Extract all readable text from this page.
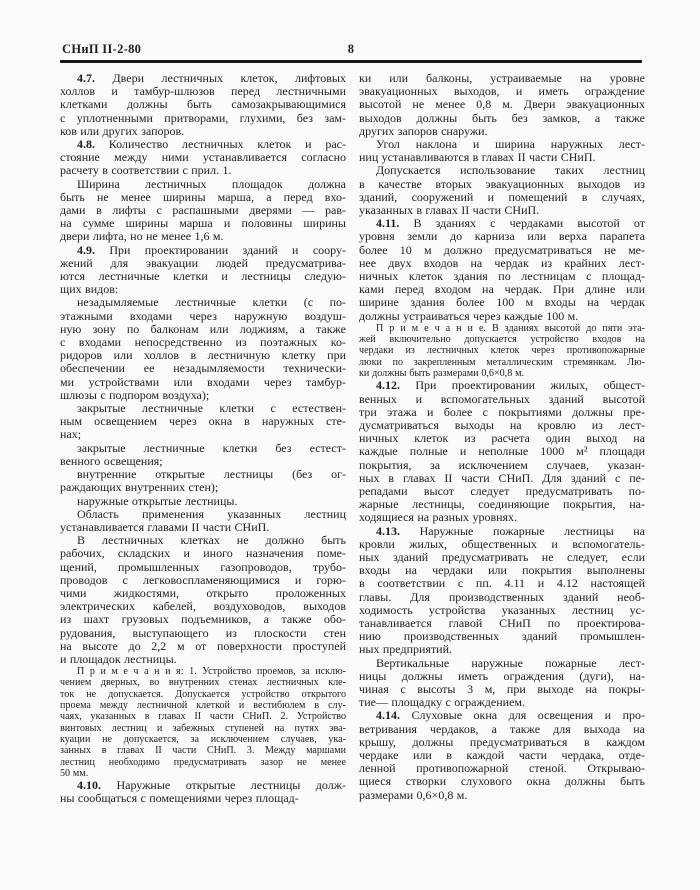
8
СНиП II-2-80
4.7. Двери лестничных клеток, лифтовых
холлов и тамбур-шлюзов перед лестничными
клетками должны быть самозакрывающимися
с уплотненными притворами, глухими, без зам-
ков или других запоров.
4.8. Количество лестничных клеток и рас-
стояние между ними устанавливается согласно
расчету в соответствии с прил. 1.
Ширина лестничных площадок должна
быть не менее ширины марша, а перед вхо-
дами в лифты с распашными дверями — рав-
на сумме ширины марша и половины ширины
двери лифта, но не менее 1,6 м.
4.9. При проектировании зданий и соору-
жений для эвакуации людей предусматрива-
ются лестничные клетки и лестницы следую-
щих видов:
незадымляемые лестничные клетки (с по-
этажными входами через наружную воздуш-
ную зону по балконам или лоджиям, а также
с входами непосредственно из поэтажных ко-
ридоров или холлов в лестничную клетку при
обеспечении ее незадымляемости технически-
ми устройствами или входами через тамбур-
шлюзы с подпором воздуха);
закрытые лестничные клетки с естествен-
ным освещением через окна в наружных сте-
нах;
закрытые лестничные клетки без естест-
венного освещения;
внутренние открытые лестницы (без ог-
раждающих внутренних стен);
наружные открытые лестницы.
Область применения указанных лестниц
устанавливается главами II части СНиП.
В лестничных клетках не должно быть
рабочих, складских и иного назначения поме-
щений, промышленных газопроводов, трубо-
проводов с легковоспламеняющимися и горю-
чими жидкостями, открыто проложенных
электрических кабелей, воздуховодов, выходов
из шахт грузовых подъемников, а также обо-
рудования, выступающего из плоскости стен
на высоте до 2,2 м от поверхности проступей
и площадок лестницы.
П р и м е ч а н и я: 1. Устройство проемов, за исклю-
чением дверных, во внутренних стенах лестничных кле-
ток не допускается. Допускается устройство открытого
проема между лестничной клеткой и вестибюлем в слу-
чаях, указанных в главах II части СНиП. 2. Устройство
винтовых лестниц и забежных ступеней на путях эва-
куации не допускается, за исключением случаев, ука-
занных в главах II части СНиП. 3. Между маршами
лестниц необходимо предусматривать зазор не менее
50 мм.
4.10. Наружные открытые лестницы долж-
ны сообщаться с помещениями через площад-
ки или балконы, устраиваемые на уровне
эвакуационных выходов, и иметь ограждение
высотой не менее 0,8 м. Двери эвакуационных
выходов должны быть без замков, а также
других запоров снаружи.
Угол наклона и ширина наружных лест-
ниц устанавливаются в главах II части СНиП.
Допускается использование таких лестниц
в качестве вторых эвакуационных выходов из
зданий, сооружений и помещений в случаях,
указанных в главах II части СНиП.
4.11. В зданиях с чердаками высотой от
уровня земли до карниза или верха парапета
более 10 м должно предусматриваться не ме-
нее двух входов на чердак из крайних лест-
ничных клеток здания по лестницам с площад-
ками перед входом на чердак. При длине или
ширине здания более 100 м входы на чердак
должны устраиваться через каждые 100 м.
П р и м е ч а н и е. В зданиях высотой до пяти эта-
жей включительно допускается устройство входов на
чердаки из лестничных клеток через противопожарные
люки по закрепленным металлическим стремянкам. Лю-
ки должны быть размерами 0,6×0,8 м.
4.12. При проектировании жилых, общест-
венных и вспомогательных зданий высотой
три этажа и более с покрытиями должны пре-
дусматриваться выходы на кровлю из лест-
ничных клеток из расчета один выход на
каждые полные и неполные 1000 м² площади
покрытия, за исключением случаев, указан-
ных в главах II части СНиП. Для зданий с пе-
репадами высот следует предусматривать по-
жарные лестницы, соединяющие покрытия, на-
ходящиеся на разных уровнях.
4.13. Наружные пожарные лестницы на
кровли жилых, общественных и вспомогатель-
ных зданий предусматривать не следует, если
входы на чердаки или покрытия выполнены
в соответствии с пп. 4.11 и 4.12 настоящей
главы. Для производственных зданий необ-
ходимость устройства указанных лестниц ус-
танавливается главой СНиП по проектирова-
нию производственных зданий промышлен-
ных предприятий.
Вертикальные наружные пожарные лест-
ницы должны иметь ограждения (дуги), на-
чиная с высоты 3 м, при выходе на покры-
тие— площадку с ограждением.
4.14. Слуховые окна для освещения и про-
ветривания чердаков, а также для выхода на
крышу, должны предусматриваться в каждом
чердаке или в каждой части чердака, отде-
ленной противопожарной стеной. Открываю-
щиеся створки слухового окна должны быть
размерами 0,6×0,8 м.
